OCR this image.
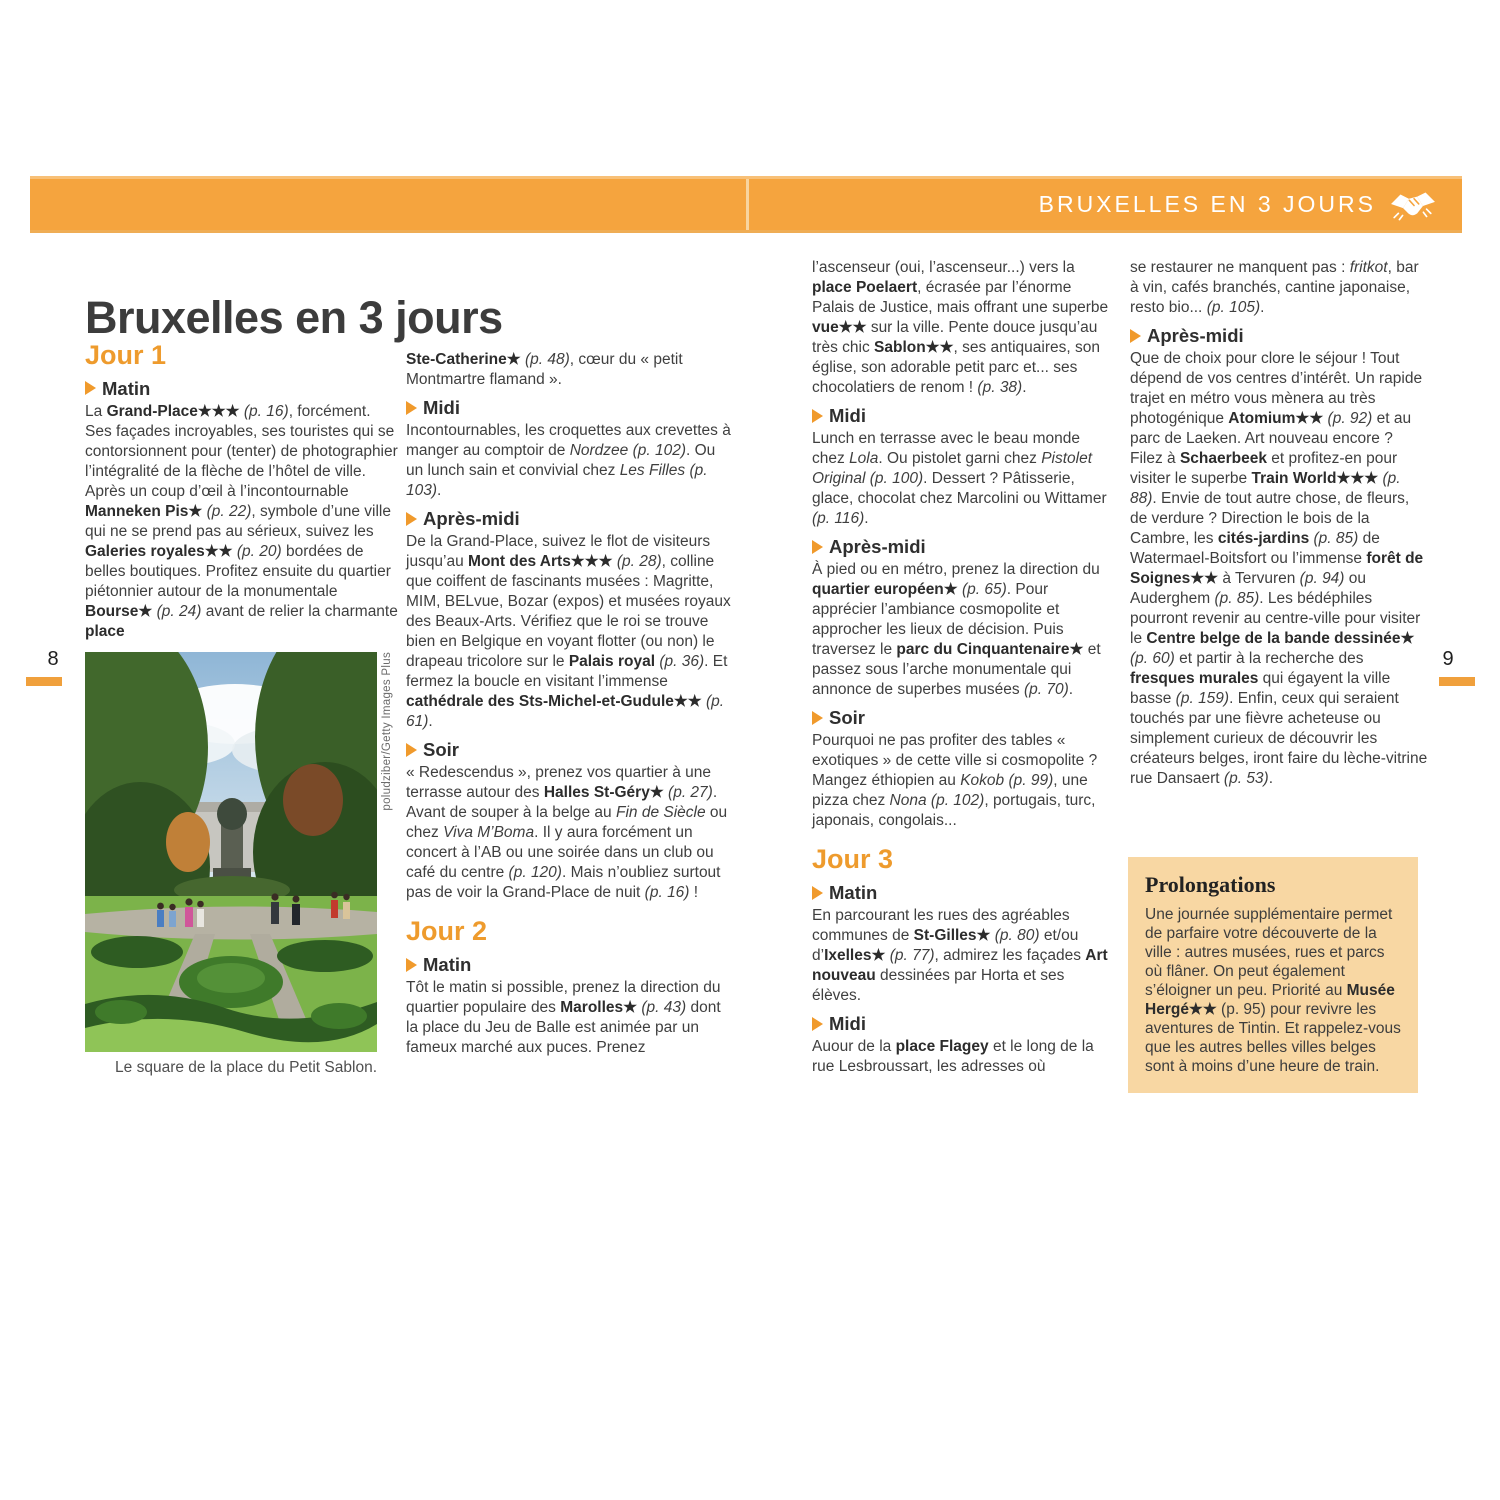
BRUXELLES EN 3 JOURS
Bruxelles en 3 jours
Jour 1
Matin

La Grand-Place★★★ (p. 16), forcément. Ses façades incroyables, ses touristes qui se contorsionnent pour (tenter) de photographier l’intégralité de la flèche de l’hôtel de ville. Après un coup d’œil à l’incontournable Manneken Pis★ (p. 22), symbole d’une ville qui ne se prend pas au sérieux, suivez les Galeries royales★★ (p. 20) bordées de belles boutiques. Profitez ensuite du quartier piétonnier autour de la monumentale Bourse★ (p. 24) avant de relier la charmante place

poludziber/Getty Images Plus
Le square de la place du Petit Sablon.

Ste-Catherine★ (p. 48), cœur du « petit Montmartre flamand ».

Midi

Incontournables, les croquettes aux crevettes à manger au comptoir de Nordzee (p. 102). Ou un lunch sain et convivial chez Les Filles (p. 103).

Après-midi

De la Grand-Place, suivez le flot de visiteurs jusqu’au Mont des Arts★★★ (p. 28), colline que coiffent de fascinants musées : Magritte, MIM, BELvue, Bozar (expos) et musées royaux des Beaux-Arts. Vérifiez que le roi se trouve bien en Belgique en voyant flotter (ou non) le drapeau tricolore sur le Palais royal (p. 36). Et fermez la boucle en visitant l’immense cathédrale des Sts-Michel-et-Gudule★★ (p. 61).

Soir

« Redescendus », prenez vos quartier à une terrasse autour des Halles St-Géry★ (p. 27). Avant de souper à la belge au Fin de Siècle ou chez Viva M’Boma. Il y aura forcément un concert à l’AB ou une soirée dans un club ou café du centre (p. 120). Mais n’oubliez surtout pas de voir la Grand-Place de nuit (p. 16) !

Jour 2
Matin

Tôt le matin si possible, prenez la direction du quartier populaire des Marolles★ (p. 43) dont la place du Jeu de Balle est animée par un fameux marché aux puces. Prenez

l’ascenseur (oui, l’ascenseur...) vers la place Poelaert, écrasée par l’énorme Palais de Justice, mais offrant une superbe vue★★ sur la ville. Pente douce jusqu’au très chic Sablon★★, ses antiquaires, son église, son adorable petit parc et... ses chocolatiers de renom ! (p. 38).

Midi

Lunch en terrasse avec le beau monde chez Lola. Ou pistolet garni chez Pistolet Original (p. 100). Dessert ? Pâtisserie, glace, chocolat chez Marcolini ou Wittamer (p. 116).

Après-midi

À pied ou en métro, prenez la direction du quartier européen★ (p. 65). Pour apprécier l’ambiance cosmopolite et approcher les lieux de décision. Puis traversez le parc du Cinquantenaire★ et passez sous l’arche monumentale qui annonce de superbes musées (p. 70).

Soir

Pourquoi ne pas profiter des tables « exotiques » de cette ville si cosmopolite ? Mangez éthiopien au Kokob (p. 99), une pizza chez Nona (p. 102), portugais, turc, japonais, congolais...

Jour 3
Matin

En parcourant les rues des agréables communes de St-Gilles★ (p. 80) et/ou d’Ixelles★ (p. 77), admirez les façades Art nouveau dessinées par Horta et ses élèves.

Midi

Auour de la place Flagey et le long de la rue Lesbroussart, les adresses où

se restaurer ne manquent pas : fritkot, bar à vin, cafés branchés, cantine japonaise, resto bio... (p. 105).

Après-midi

Que de choix pour clore le séjour ! Tout dépend de vos centres d’intérêt. Un rapide trajet en métro vous mènera au très photogénique Atomium★★ (p. 92) et au parc de Laeken. Art nouveau encore ? Filez à Schaerbeek et profitez-en pour visiter le superbe Train World★★★ (p. 88). Envie de tout autre chose, de fleurs, de verdure ? Direction le bois de la Cambre, les cités-jardins (p. 85) de Watermael-Boitsfort ou l’immense forêt de Soignes★★ à Tervuren (p. 94) ou Auderghem (p. 85). Les bédéphiles pourront revenir au centre-ville pour visiter le Centre belge de la bande dessinée★ (p. 60) et partir à la recherche des fresques murales qui égayent la ville basse (p. 159). Enfin, ceux qui seraient touchés par une fièvre acheteuse ou simplement curieux de découvrir les créateurs belges, iront faire du lèche-vitrine rue Dansaert (p. 53).

Prolongations
Une journée supplémentaire permet de parfaire votre découverte de la ville : autres musées, rues et parcs où flâner. On peut également s’éloigner un peu. Priorité au Musée Hergé★★ (p. 95) pour revivre les aventures de Tintin. Et rappelez-vous que les autres belles villes belges sont à moins d’une heure de train.
8	9
